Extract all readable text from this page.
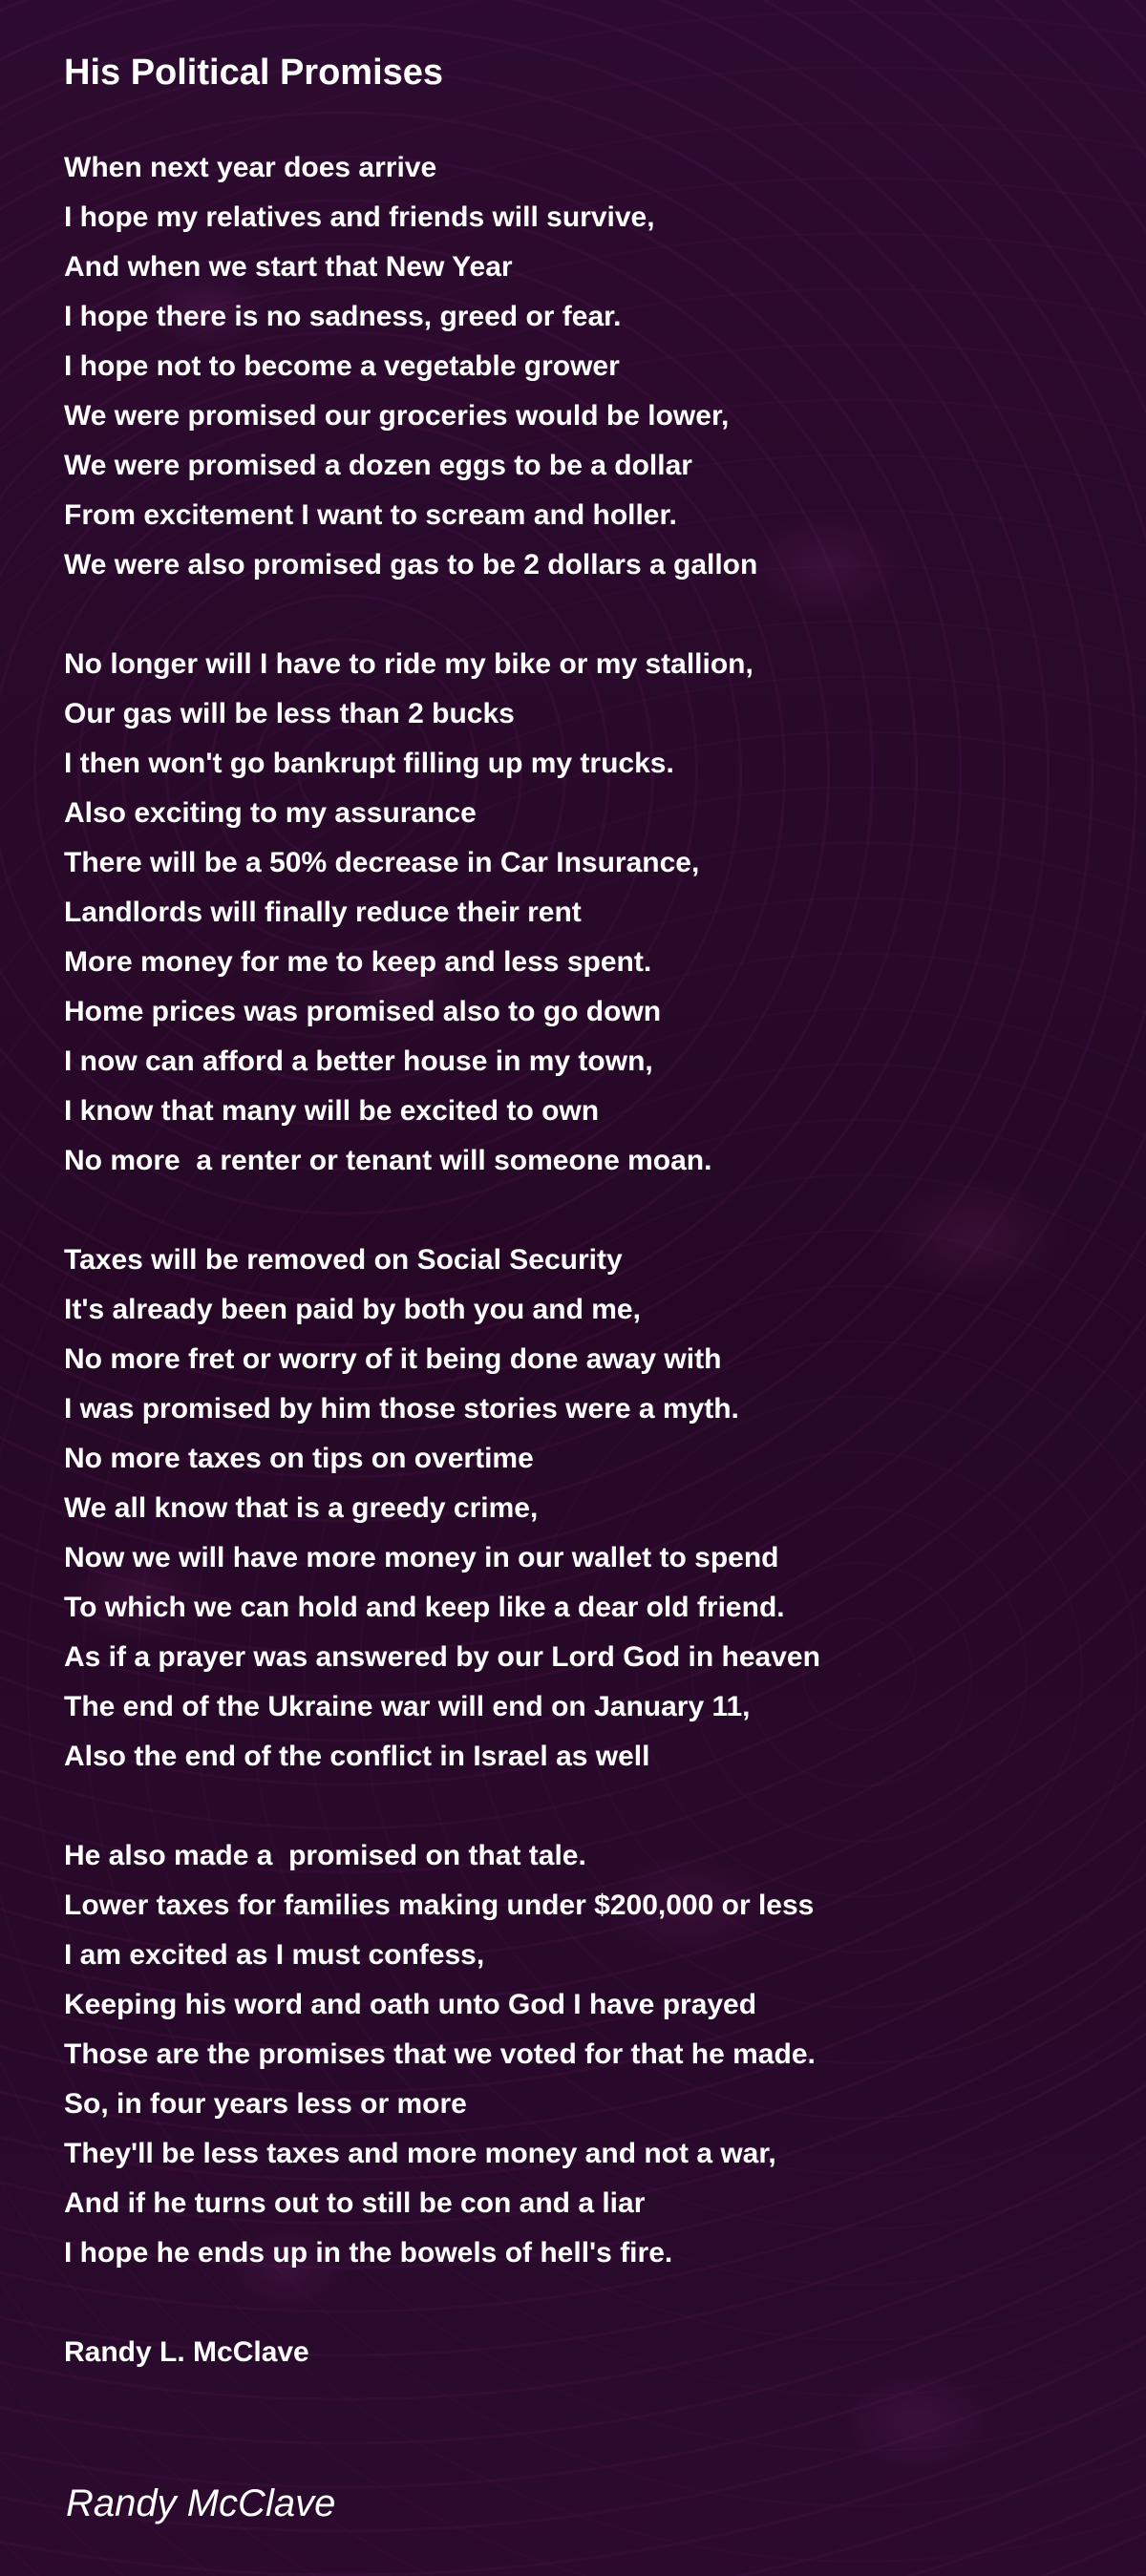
His Political Promises
When next year does arrive
I hope my relatives and friends will survive,
And when we start that New Year
I hope there is no sadness, greed or fear.
I hope not to become a vegetable grower
We were promised our groceries would be lower,
We were promised a dozen eggs to be a dollar
From excitement I want to scream and holler.
We were also promised gas to be 2 dollars a gallon
No longer will I have to ride my bike or my stallion,
Our gas will be less than 2 bucks
I then won't go bankrupt filling up my trucks.
Also exciting to my assurance
There will be a 50% decrease in Car Insurance,
Landlords will finally reduce their rent
More money for me to keep and less spent.
Home prices was promised also to go down
I now can afford a better house in my town,
I know that many will be excited to own
No more  a renter or tenant will someone moan.
Taxes will be removed on Social Security
It's already been paid by both you and me,
No more fret or worry of it being done away with
I was promised by him those stories were a myth.
No more taxes on tips on overtime
We all know that is a greedy crime,
Now we will have more money in our wallet to spend
To which we can hold and keep like a dear old friend.
As if a prayer was answered by our Lord God in heaven
The end of the Ukraine war will end on January 11,
Also the end of the conflict in Israel as well
He also made a  promised on that tale.
Lower taxes for families making under $200,000 or less
I am excited as I must confess,
Keeping his word and oath unto God I have prayed
Those are the promises that we voted for that he made.
So, in four years less or more
They'll be less taxes and more money and not a war,
And if he turns out to still be con and a liar
I hope he ends up in the bowels of hell's fire.
Randy L. McClave
Randy McClave
